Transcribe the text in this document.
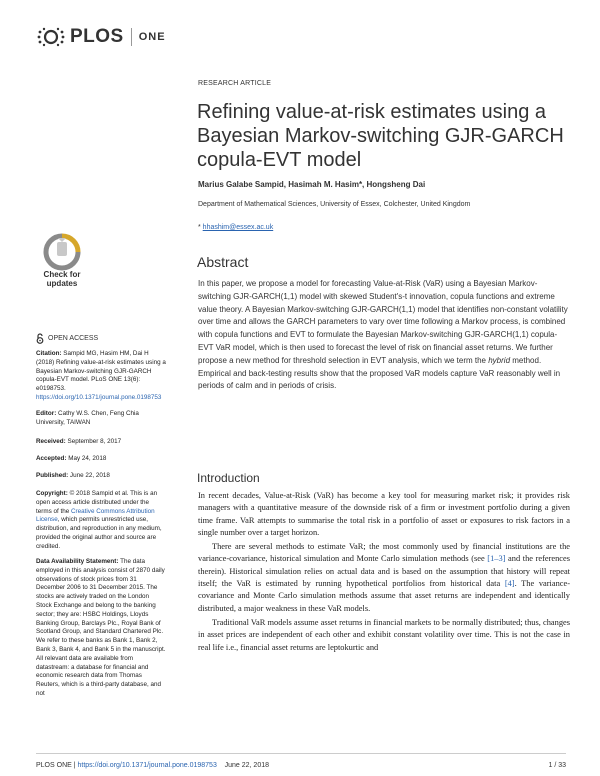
PLOS ONE
RESEARCH ARTICLE
Refining value-at-risk estimates using a Bayesian Markov-switching GJR-GARCH copula-EVT model
Marius Galabe Sampid, Hasimah M. Hasim*, Hongsheng Dai
Department of Mathematical Sciences, University of Essex, Colchester, United Kingdom
* hhashim@essex.ac.uk
Check for
updates
Abstract

In this paper, we propose a model for forecasting Value-at-Risk (VaR) using a Bayesian Markov-switching GJR-GARCH(1,1) model with skewed Student's-t innovation, copula functions and extreme value theory. A Bayesian Markov-switching GJR-GARCH(1,1) model that identifies non-constant volatility over time and allows the GARCH parameters to vary over time following a Markov process, is combined with copula functions and EVT to formulate the Bayesian Markov-switching GJR-GARCH(1,1) copula-EVT VaR model, which is then used to forecast the level of risk on financial asset returns. We further propose a new method for threshold selection in EVT analysis, which we term the hybrid method. Empirical and back-testing results show that the proposed VaR models capture VaR reasonably well in periods of calm and in periods of crisis.

OPEN ACCESS
Citation: Sampid MG, Hasim HM, Dai H (2018) Refining value-at-risk estimates using a Bayesian Markov-switching GJR-GARCH copula-EVT model. PLoS ONE 13(6): e0198753. https://doi.org/10.1371/journal.pone.0198753
Editor: Cathy W.S. Chen, Feng Chia University, TAIWAN
Received: September 8, 2017
Accepted: May 24, 2018
Published: June 22, 2018
Copyright: © 2018 Sampid et al. This is an open access article distributed under the terms of the Creative Commons Attribution License, which permits unrestricted use, distribution, and reproduction in any medium, provided the original author and source are credited.
Data Availability Statement: The data employed in this analysis consist of 2870 daily observations of stock prices from 31 December 2006 to 31 December 2015. The stocks are actively traded on the London Stock Exchange and belong to the banking sector; they are: HSBC Holdings, Lloyds Banking Group, Barclays Plc., Royal Bank of Scotland Group, and Standard Chartered Plc. We refer to these banks as Bank 1, Bank 2, Bank 3, Bank 4, and Bank 5 in the manuscript. All relevant data are available from datastream: a database for financial and economic research data from Thomas Reuters, which is a third-party database, and not
Introduction

In recent decades, Value-at-Risk (VaR) has become a key tool for measuring market risk; it provides risk managers with a quantitative measure of the downside risk of a firm or investment portfolio during a given time frame. VaR attempts to summarise the total risk in a portfolio of asset or exposures to risk factors in a single number over a target horizon.

There are several methods to estimate VaR; the most commonly used by financial institutions are the variance-covariance, historical simulation and Monte Carlo simulation methods (see [1–3] and the references therein). Historical simulation relies on actual data and is based on the assumption that history will repeat itself; the VaR is estimated by running hypothetical portfolios from historical data [4]. The variance-covariance and Monte Carlo simulation methods assume that asset returns are independent and identically distributed, a major weakness in these VaR models.

Traditional VaR models assume asset returns in financial markets to be normally distributed; thus, changes in asset prices are independent of each other and exhibit constant volatility over time. This is not the case in real life i.e., financial asset returns are leptokurtic and

PLOS ONE | https://doi.org/10.1371/journal.pone.0198753 June 22, 2018	1 / 33
